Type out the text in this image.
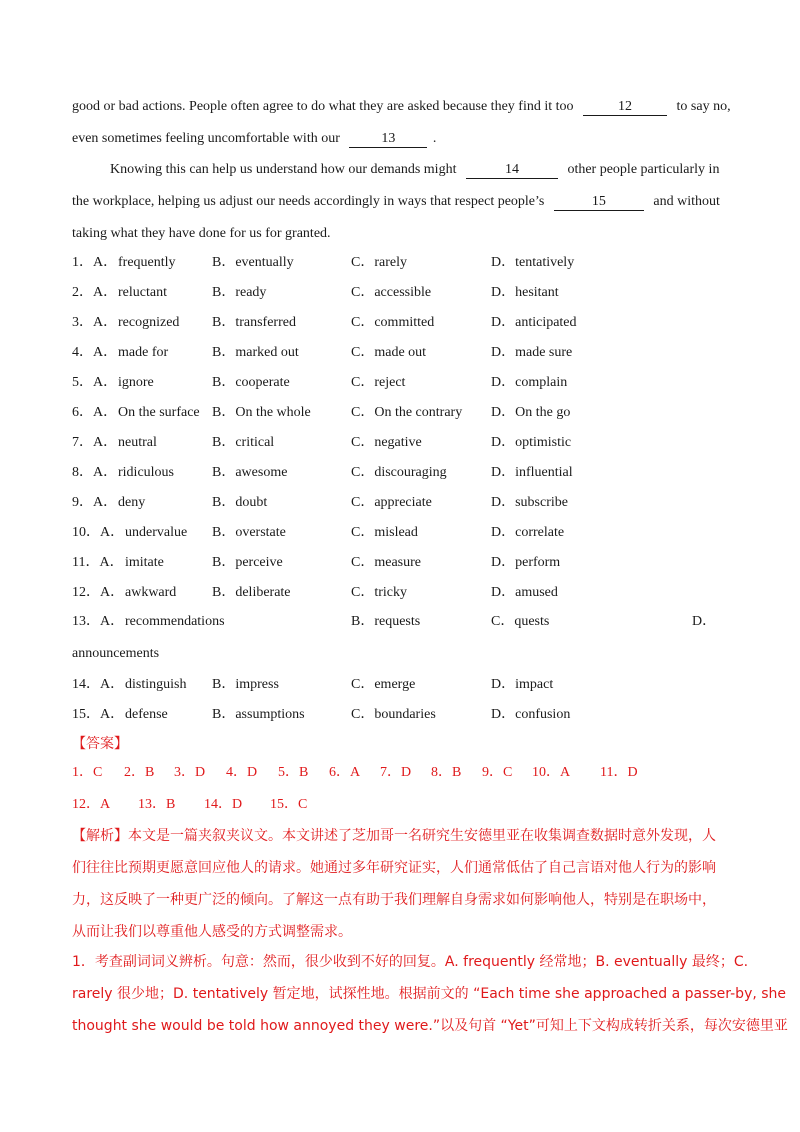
good or bad actions. People often agree to do what they are asked because they find it too	12	to say no,
even sometimes feeling uncomfortable with our	13	.
Knowing this can help us understand how our demands might	14	other people particularly in
the workplace, helping us adjust our needs accordingly in ways that respect people’s	15	and without
taking what they have done for us for granted.
1．A． frequently	B．eventually	C．rarely	D．tentatively
2．A． reluctant	B．ready	C．accessible	D．hesitant
3．A． recognized B．transferred	C．committed	D．anticipated
4．A． made for	B．marked out	C．made out	D．made sure
5．A． ignore	B．cooperate	C．reject	D．complain
6．A． On the surface B．On the whole	C．On the contrary D．On the go
7．A． neutral	B．critical	C．negative	D．optimistic
8．A． ridiculous	B．awesome	C．discouraging	D．influential
9．A． deny	B．doubt	C．appreciate	D．subscribe
10．A． undervalue B．overstate	C．mislead	D．correlate
11．A． imitate	B．perceive	C．measure	D．perform
12．A． awkward	B．deliberate	C．tricky	D．amused
13．A． recommendations	B．requests	C．quests	D．
announcements
14．A． distinguish B．impress	C．emerge	D．impact
15．A． defense	B．assumptions	C．boundaries	D．confusion
【答案】
1．C 2．B 3．D 4．D 5．B 6．A 7．D 8．B 9．C 10．A 11．D
12．A 13．B 14．D 15．C
【解析】本文是一篇夹叙夹议文。本文讲述了芝加哥一名研究生安德里亚在收集调查数据时意外发现，人
们往往比预期更愿意回应他人的请求。她通过多年研究证实，人们通常低估了自己言语对他人行为的影响
力，这反映了一种更广泛的倾向。了解这一点有助于我们理解自身需求如何影响他人，特别是在职场中，
从而让我们以尊重他人感受的方式调整需求。
1．考查副词词义辨析。句意：然而，很少收到不好的回复。A. frequently 经常地；B. eventually 最终；C.
rarely 很少地；D. tentatively 暂定地，试探性地。根据前文的 “Each time she approached a passer-by, she
thought she would be told how annoyed they were.”以及句首 “Yet”可知上下文构成转折关系，每次安德里亚
